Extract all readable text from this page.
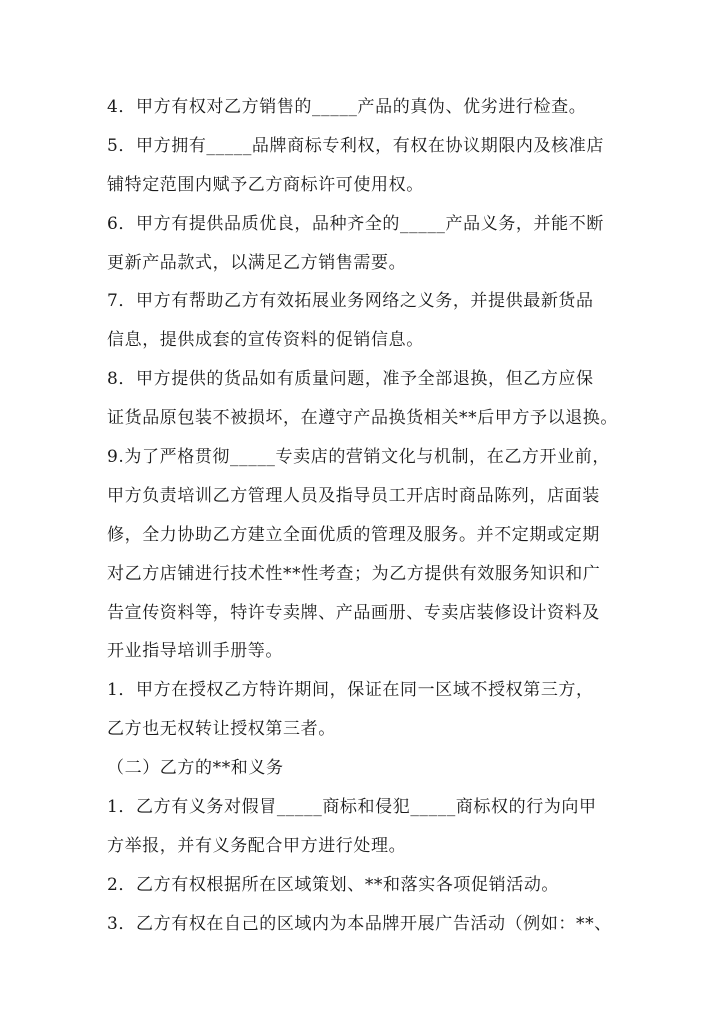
4．甲方有权对乙方销售的_____产品的真伪、优劣进行检查。
5．甲方拥有_____品牌商标专利权，有权在协议期限内及核准店
铺特定范围内赋予乙方商标许可使用权。
6．甲方有提供品质优良，品种齐全的_____产品义务，并能不断
更新产品款式，以满足乙方销售需要。
7．甲方有帮助乙方有效拓展业务网络之义务，并提供最新货品
信息，提供成套的宣传资料的促销信息。
8．甲方提供的货品如有质量问题，准予全部退换，但乙方应保
证货品原包装不被损坏，在遵守产品换货相关**后甲方予以退换。
9.为了严格贯彻_____专卖店的营销文化与机制，在乙方开业前，
甲方负责培训乙方管理人员及指导员工开店时商品陈列，店面装
修，全力协助乙方建立全面优质的管理及服务。并不定期或定期
对乙方店铺进行技术性**性考查；为乙方提供有效服务知识和广
告宣传资料等，特许专卖牌、产品画册、专卖店装修设计资料及
开业指导培训手册等。
1．甲方在授权乙方特许期间，保证在同一区域不授权第三方，
乙方也无权转让授权第三者。
（二）乙方的**和义务
1．乙方有义务对假冒_____商标和侵犯_____商标权的行为向甲
方举报，并有义务配合甲方进行处理。
2．乙方有权根据所在区域策划、**和落实各项促销活动。
3．乙方有权在自己的区域内为本品牌开展广告活动（例如：**、
